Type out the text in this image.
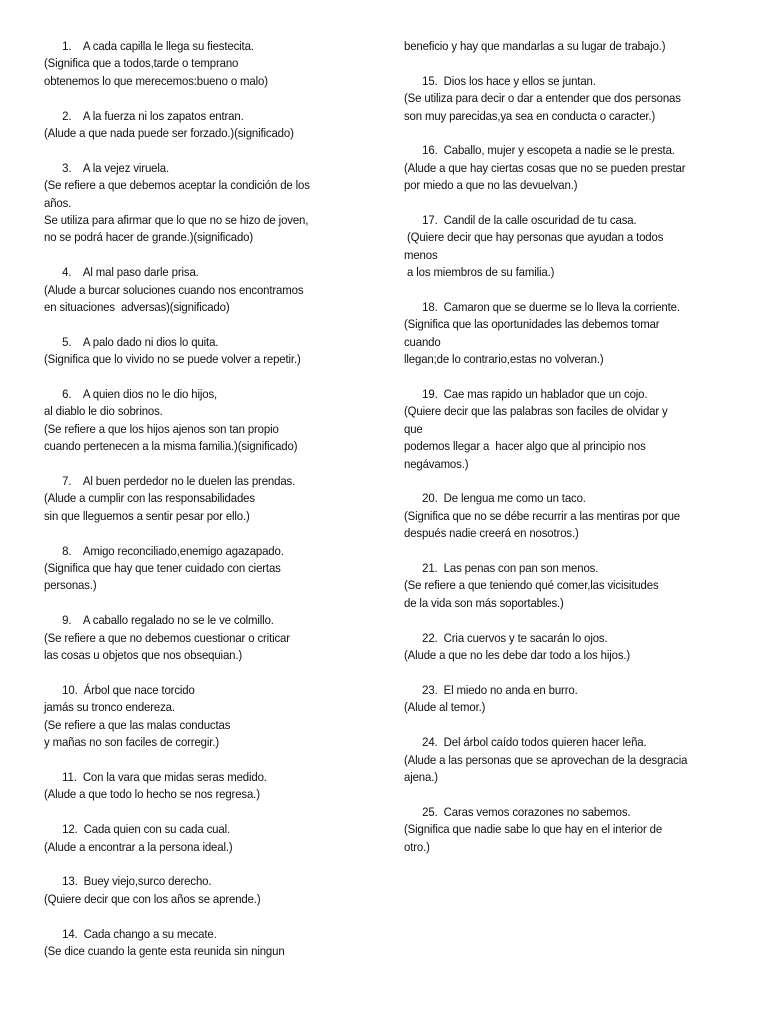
1.    A cada capilla le llega su fiestecita.
(Significa que a todos,tarde o temprano
obtenemos lo que merecemos:bueno o malo)
2.    A la fuerza ni los zapatos entran.
(Alude a que nada puede ser forzado.)(significado)
3.    A la vejez viruela.
(Se refiere a que debemos aceptar la condición de los
años.
Se utiliza para afirmar que lo que no se hizo de joven,
no se podrá hacer de grande.)(significado)
4.    Al mal paso darle prisa.
(Alude a burcar soluciones cuando nos encontramos
en situaciones  adversas)(significado)
5.    A palo dado ni dios lo quita.
(Significa que lo vivido no se puede volver a repetir.)
6.    A quien dios no le dio hijos,
al diablo le dio sobrinos.
(Se refiere a que los hijos ajenos son tan propio
cuando pertenecen a la misma familia.)(significado)
7.    Al buen perdedor no le duelen las prendas.
(Alude a cumplir con las responsabilidades
sin que lleguemos a sentir pesar por ello.)
8.    Amigo reconciliado,enemigo agazapado.
(Significa que hay que tener cuidado con ciertas
personas.)
9.    A caballo regalado no se le ve colmillo.
(Se refiere a que no debemos cuestionar o criticar
las cosas u objetos que nos obsequian.)
10.  Árbol que nace torcido
jamás su tronco endereza.
(Se refiere a que las malas conductas
y mañas no son faciles de corregir.)
11.  Con la vara que midas seras medido.
(Alude a que todo lo hecho se nos regresa.)
12.  Cada quien con su cada cual.
(Alude a encontrar a la persona ideal.)
13.  Buey viejo,surco derecho.
(Quiere decir que con los años se aprende.)
14.  Cada chango a su mecate.
(Se dice cuando la gente esta reunida sin ningun
beneficio y hay que mandarlas a su lugar de trabajo.)
15.  Dios los hace y ellos se juntan.
(Se utiliza para decir o dar a entender que dos personas
son muy parecidas,ya sea en conducta o caracter.)
16.  Caballo, mujer y escopeta a nadie se le presta.
(Alude a que hay ciertas cosas que no se pueden prestar
por miedo a que no las devuelvan.)
17.  Candil de la calle oscuridad de tu casa.
(Quiere decir que hay personas que ayudan a todos
menos
a los miembros de su familia.)
18.  Camaron que se duerme se lo lleva la corriente.
(Significa que las oportunidades las debemos tomar
cuando
llegan;de lo contrario,estas no volveran.)
19.  Cae mas rapido un hablador que un cojo.
(Quiere decir que las palabras son faciles de olvidar y
que
podemos llegar a  hacer algo que al principio nos
negávamos.)
20.  De lengua me como un taco.
(Significa que no se débe recurrir a las mentiras por que
después nadie creerá en nosotros.)
21.  Las penas con pan son menos.
(Se refiere a que teniendo qué comer,las vicisitudes
de la vida son más soportables.)
22.  Cria cuervos y te sacarán lo ojos.
(Alude a que no les debe dar todo a los hijos.)
23.  El miedo no anda en burro.
(Alude al temor.)
24.  Del árbol caído todos quieren hacer leña.
(Alude a las personas que se aprovechan de la desgracia
ajena.)
25.  Caras vemos corazones no sabemos.
(Significa que nadie sabe lo que hay en el interior de
otro.)
